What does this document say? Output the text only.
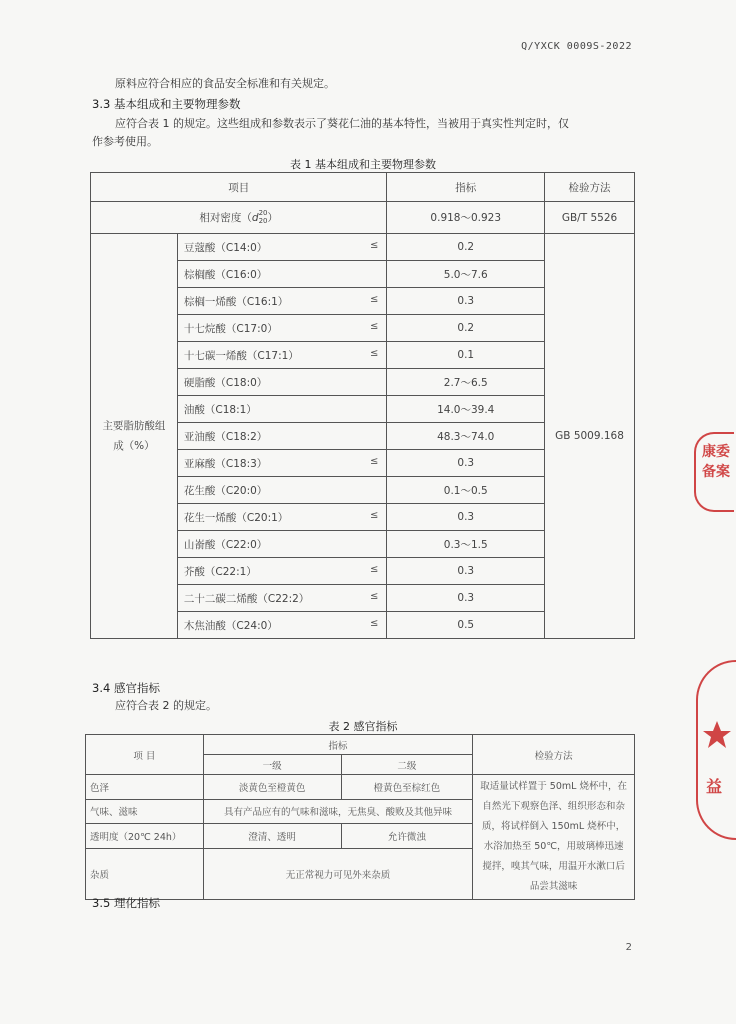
Q/YXCK 0009S-2022
原料应符合相应的食品安全标准和有关规定。
3.3 基本组成和主要物理参数
应符合表 1 的规定。这些组成和参数表示了葵花仁油的基本特性，当被用于真实性判定时，仅
作参考使用。
表 1 基本组成和主要物理参数
项目		指标	检验方法
相对密度（d 20
20 ）		0.918～0.923	GB/T 5526
主要脂肪酸组成（%）	豆蔻酸（C14:0） ≤	0.2	GB 5009.168
	棕榈酸（C16:0）	5.0～7.6	
	棕榈一烯酸（C16:1） ≤	0.3	
	十七烷酸（C17:0） ≤	0.2	
	十七碳一烯酸（C17:1） ≤	0.1	
	硬脂酸（C18:0）	2.7～6.5	
	油酸（C18:1）	14.0～39.4	
	亚油酸（C18:2）	48.3～74.0	
	亚麻酸（C18:3） ≤	0.3	
	花生酸（C20:0）	0.1～0.5	
	花生一烯酸（C20:1） ≤	0.3	
	山嵛酸（C22:0）	0.3～1.5	
	芥酸（C22:1） ≤	0.3	
	二十二碳二烯酸（C22:2） ≤	0.3	
	木焦油酸（C24:0） ≤	0.5	
3.4 感官指标
应符合表 2 的规定。
表 2 感官指标
项 目	指标		检验方法
	一级	二级	
色泽	淡黄色至橙黄色	橙黄色至棕红色	取适量试样置于 50mL 烧杯中，在自然光下观察色泽、组织形态和杂质，将试样倒入 150mL 烧杯中，水浴加热至 50℃，用玻璃棒迅速搅拌，嗅其气味，用温开水漱口后品尝其滋味
气味、滋味	具有产品应有的气味和滋味，无焦臭、酸败及其他异味		
透明度（20℃ 24h）	澄清、透明	允许微浊	
杂质	无正常视力可见外来杂质		
3.5 理化指标
2
康委
备案
益
